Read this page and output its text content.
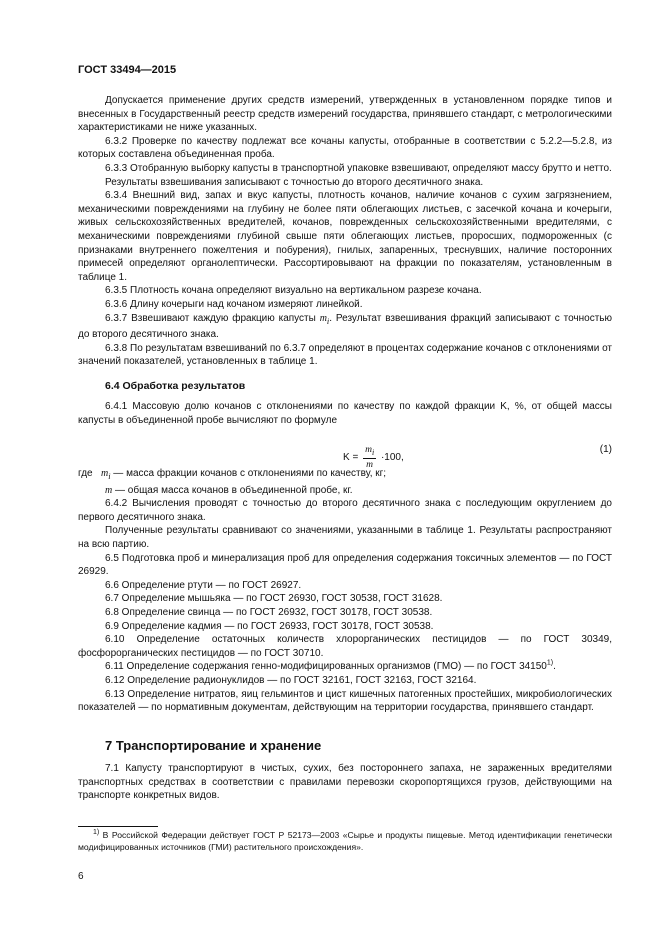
ГОСТ 33494—2015

Допускается применение других средств измерений, утвержденных в установленном порядке типов и внесенных в Государственный реестр средств измерений государства, принявшего стандарт, с метрологическими характеристиками не ниже указанных.

6.3.2 Проверке по качеству подлежат все кочаны капусты, отобранные в соответствии с 5.2.2—5.2.8, из которых составлена объединенная проба.

6.3.3 Отобранную выборку капусты в транспортной упаковке взвешивают, определяют массу брутто и нетто.

Результаты взвешивания записывают с точностью до второго десятичного знака.

6.3.4 Внешний вид, запах и вкус капусты, плотность кочанов, наличие кочанов с сухим загрязнением, механическими повреждениями на глубину не более пяти облегающих листьев, с засечкой кочана и кочерыги, живых сельскохозяйственных вредителей, кочанов, поврежденных сельскохозяйственными вредителями, с механическими повреждениями глубиной свыше пяти облегающих листьев, проросших, подмороженных (с признаками внутреннего пожелтения и побурения), гнилых, запаренных, треснувших, наличие посторонних примесей определяют органолептически. Рассортировывают на фракции по показателям, установленным в таблице 1.

6.3.5 Плотность кочана определяют визуально на вертикальном разрезе кочана.

6.3.6 Длину кочерыги над кочаном измеряют линейкой.

6.3.7 Взвешивают каждую фракцию капусты $m_i$. Результат взвешивания фракций записывают с точностью до второго десятичного знака.

6.3.8 По результатам взвешиваний по 6.3.7 определяют в процентах содержание кочанов с отклонениями от значений показателей, установленных в таблице 1.

6.4 Обработка результатов

6.4.1 Массовую долю кочанов с отклонениями по качеству по каждой фракции K, %, от общей массы капусты в объединенной пробе вычисляют по формуле

$K = \frac{m_i}{m} \cdot 100$,
(1)

где $m_i$ — масса фракции кочанов с отклонениями по качеству, кг;

m — общая масса кочанов в объединенной пробе, кг.

6.4.2 Вычисления проводят с точностью до второго десятичного знака с последующим округлением до первого десятичного знака.

Полученные результаты сравнивают со значениями, указанными в таблице 1. Результаты распространяют на всю партию.

6.5 Подготовка проб и минерализация проб для определения содержания токсичных элементов — по ГОСТ 26929.

6.6 Определение ртути — по ГОСТ 26927.

6.7 Определение мышьяка — по ГОСТ 26930, ГОСТ 30538, ГОСТ 31628.

6.8 Определение свинца — по ГОСТ 26932, ГОСТ 30178, ГОСТ 30538.

6.9 Определение кадмия — по ГОСТ 26933, ГОСТ 30178, ГОСТ 30538.

6.10 Определение остаточных количеств хлорорганических пестицидов — по ГОСТ 30349, фосфорорганических пестицидов — по ГОСТ 30710.

6.11 Определение содержания генно-модифицированных организмов (ГМО) — по ГОСТ 34150$^{1)}$.

6.12 Определение радионуклидов — по ГОСТ 32161, ГОСТ 32163, ГОСТ 32164.

6.13 Определение нитратов, яиц гельминтов и цист кишечных патогенных простейших, микробиологических показателей — по нормативным документам, действующим на территории государства, принявшего стандарт.

7 Транспортирование и хранение

7.1 Капусту транспортируют в чистых, сухих, без постороннего запаха, не зараженных вредителями транспортных средствах в соответствии с правилами перевозки скоропортящихся грузов, действующими на транспорте конкретных видов.

$^{1)}$ В Российской Федерации действует ГОСТ Р 52173—2003 «Сырье и продукты пищевые. Метод идентификации генетически модифицированных источников (ГМИ) растительного происхождения».

6
